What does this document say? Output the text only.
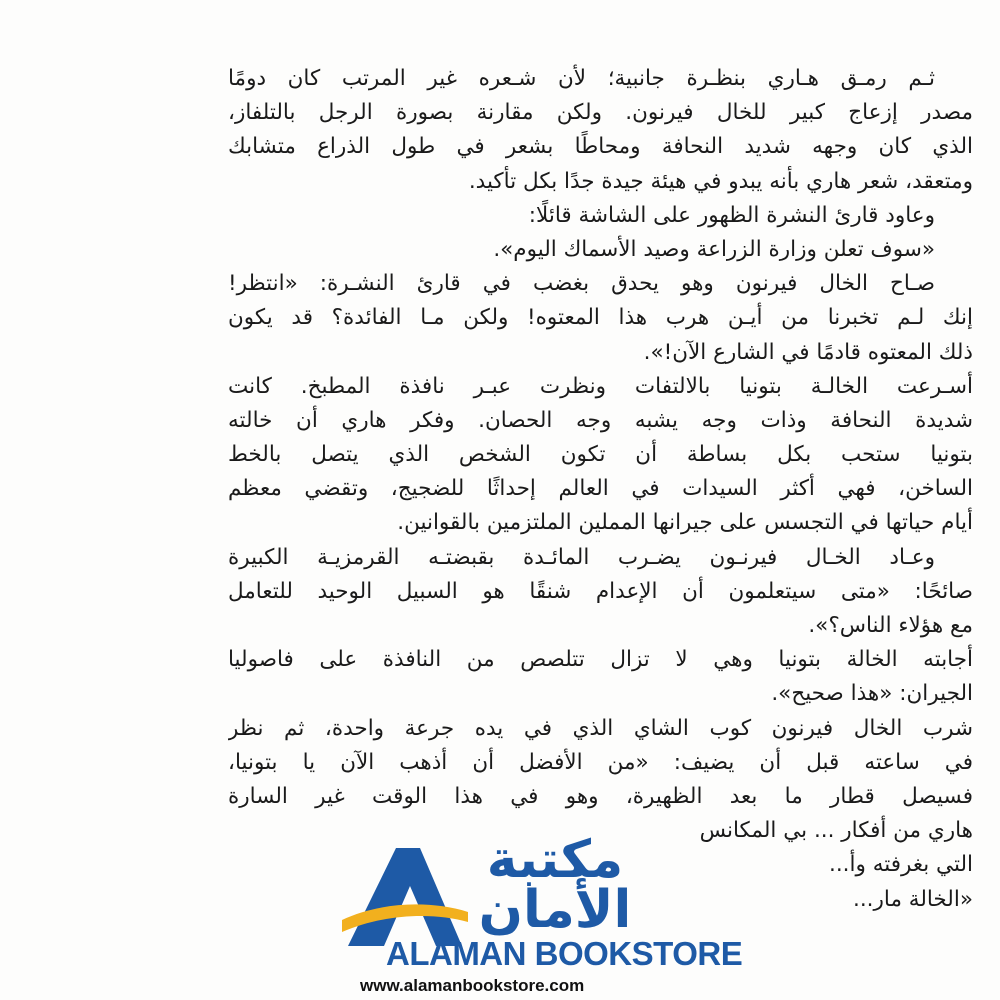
ثـم رمـق هـاري بنظـرة جانبية؛ لأن شـعره غير المرتب كان دومًا
مصدر إزعاج كبير للخال فيرنون. ولكن مقارنة بصورة الرجل بالتلفاز،
الذي كان وجهه شديد النحافة ومحاطًا بشعر في طول الذراع متشابك
ومتعقد، شعر هاري بأنه يبدو في هيئة جيدة جدًا بكل تأكيد.
وعاود قارئ النشرة الظهور على الشاشة قائلًا:
«سوف تعلن وزارة الزراعة وصيد الأسماك اليوم».
صـاح الخال فيرنون وهو يحدق بغضب في قارئ النشـرة: «انتظر!
إنك لـم تخبرنا من أيـن هرب هذا المعتوه! ولكن مـا الفائدة؟ قد يكون
ذلك المعتوه قادمًا في الشارع الآن!».
أسـرعت الخالـة بتونيا بالالتفات ونظرت عبـر نافذة المطبخ. كانت
شديدة النحافة وذات وجه يشبه وجه الحصان. وفكر هاري أن خالته
بتونيا ستحب بكل بساطة أن تكون الشخص الذي يتصل بالخط
الساخن، فهي أكثر السيدات في العالم إحداثًا للضجيج، وتقضي معظم
أيام حياتها في التجسس على جيرانها المملين الملتزمين بالقوانين.
وعـاد الخـال فيرنـون يضـرب المائـدة بقبضتـه القرمزيـة الكبيرة
صائحًا: «متى سيتعلمون أن الإعدام شنقًا هو السبيل الوحيد للتعامل
مع هؤلاء الناس؟».
أجابته الخالة بتونيا وهي لا تزال تتلصص من النافذة على فاصوليا
الجيران: «هذا صحيح».
شرب الخال فيرنون كوب الشاي الذي في يده جرعة واحدة، ثم نظر
في ساعته قبل أن يضيف: «من الأفضل أن أذهب الآن يا بتونيا،
فسيصل قطار ما بعد الظهيرة، وهو في هذا الوقت غير السارة
هاري من أفكار ... بي المكانس
التي بغرفته وأ...
«الخالة مار...
مكتبة
الأمان
ALAMAN BOOKSTORE
www.alamanbookstore.com
